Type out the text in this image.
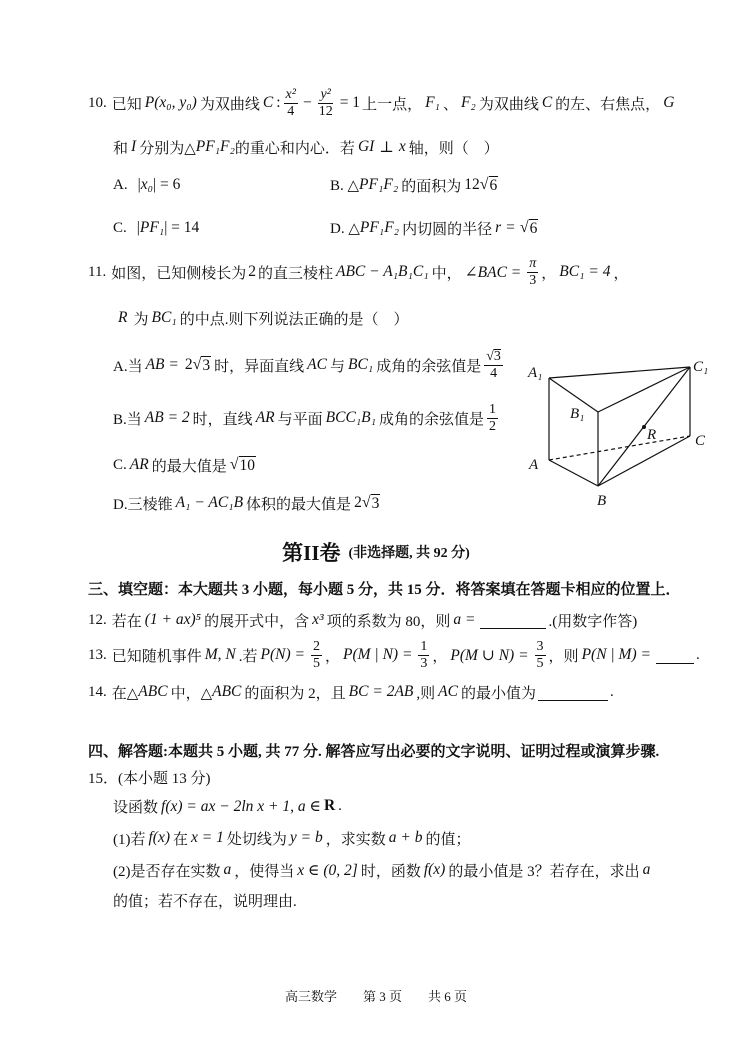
10. 已知 P(x₀, y₀) 为双曲线 C : $\frac{\text{x²}}{4} - \frac{\text{y²}}{12} = 1$ 上一点， F₁ 、 F₂ 为双曲线 C 的左、右焦点， G
和 I 分别为△ PF₁F₂ 的重心和内心．若 GI ⊥ x 轴，则（　）
A. | x₀ | = 6	B. △ PF₁F₂ 的面积为 12 √ 6
C. | PF₁ | = 14	D. △ PF₁F₂ 内切圆的半径 r = √ 6
11. 如图，已知侧棱长为 2 的直三棱柱 ABC − A₁B₁C₁ 中， ∠BAC = $\frac{\pi}{3}$ ， BC₁ = 4 ，
R 为 BC₁ 的中点.则下列说法正确的是（　）
A.当 AB = 2 √ 3 时，异面直线 AC 与 BC₁ 成角的余弦值是 $\frac{√ 3}{4}$
B.当 AB = 2 时，直线 AR 与平面 BCC₁B₁ 成角的余弦值是 $\frac{1}{2}$
C. AR 的最大值是 √ 10
D.三棱锥 A₁ − AC₁B 体积的最大值是 2 √ 3
A₁	C₁
B₁
R	C
A
B
第II卷 (非选择题, 共 92 分)
三、填空题：本大题共 3 小题，每小题 5 分，共 15 分．将答案填在答题卡相应的位置上．
12. 若在 (1 + ax)⁵ 的展开式中，含 x³ 项的系数为 80，则 a =	.(用数字作答)
13. 已知随机事件 M, N .若 $P(N) = \frac{2}{5}$ ， P(M | $N) = \frac{1}{3}$ ， P(M ∪ $N) = \frac{3}{5}$ ，则 P(N | M) =	.
14. 在△ ABC 中，△ ABC 的面积为 2，且 BC = 2AB ,则 AC 的最小值为	.
四、解答题:本题共 5 小题, 共 77 分. 解答应写出必要的文字说明、证明过程或演算步骤.
15．(本小题 13 分)
设函数 f(x) = ax − 2ln x + 1, a ∈ R .
(1)若 f(x) 在 x = 1 处切线为 y = b ，求实数 a + b 的值；
(2)是否存在实数 a ，使得当 x ∈ (0, 2] 时，函数 f(x) 的最小值是 3？若存在，求出 a
的值；若不存在，说明理由.
高三数学 第 3 页 共 6 页
